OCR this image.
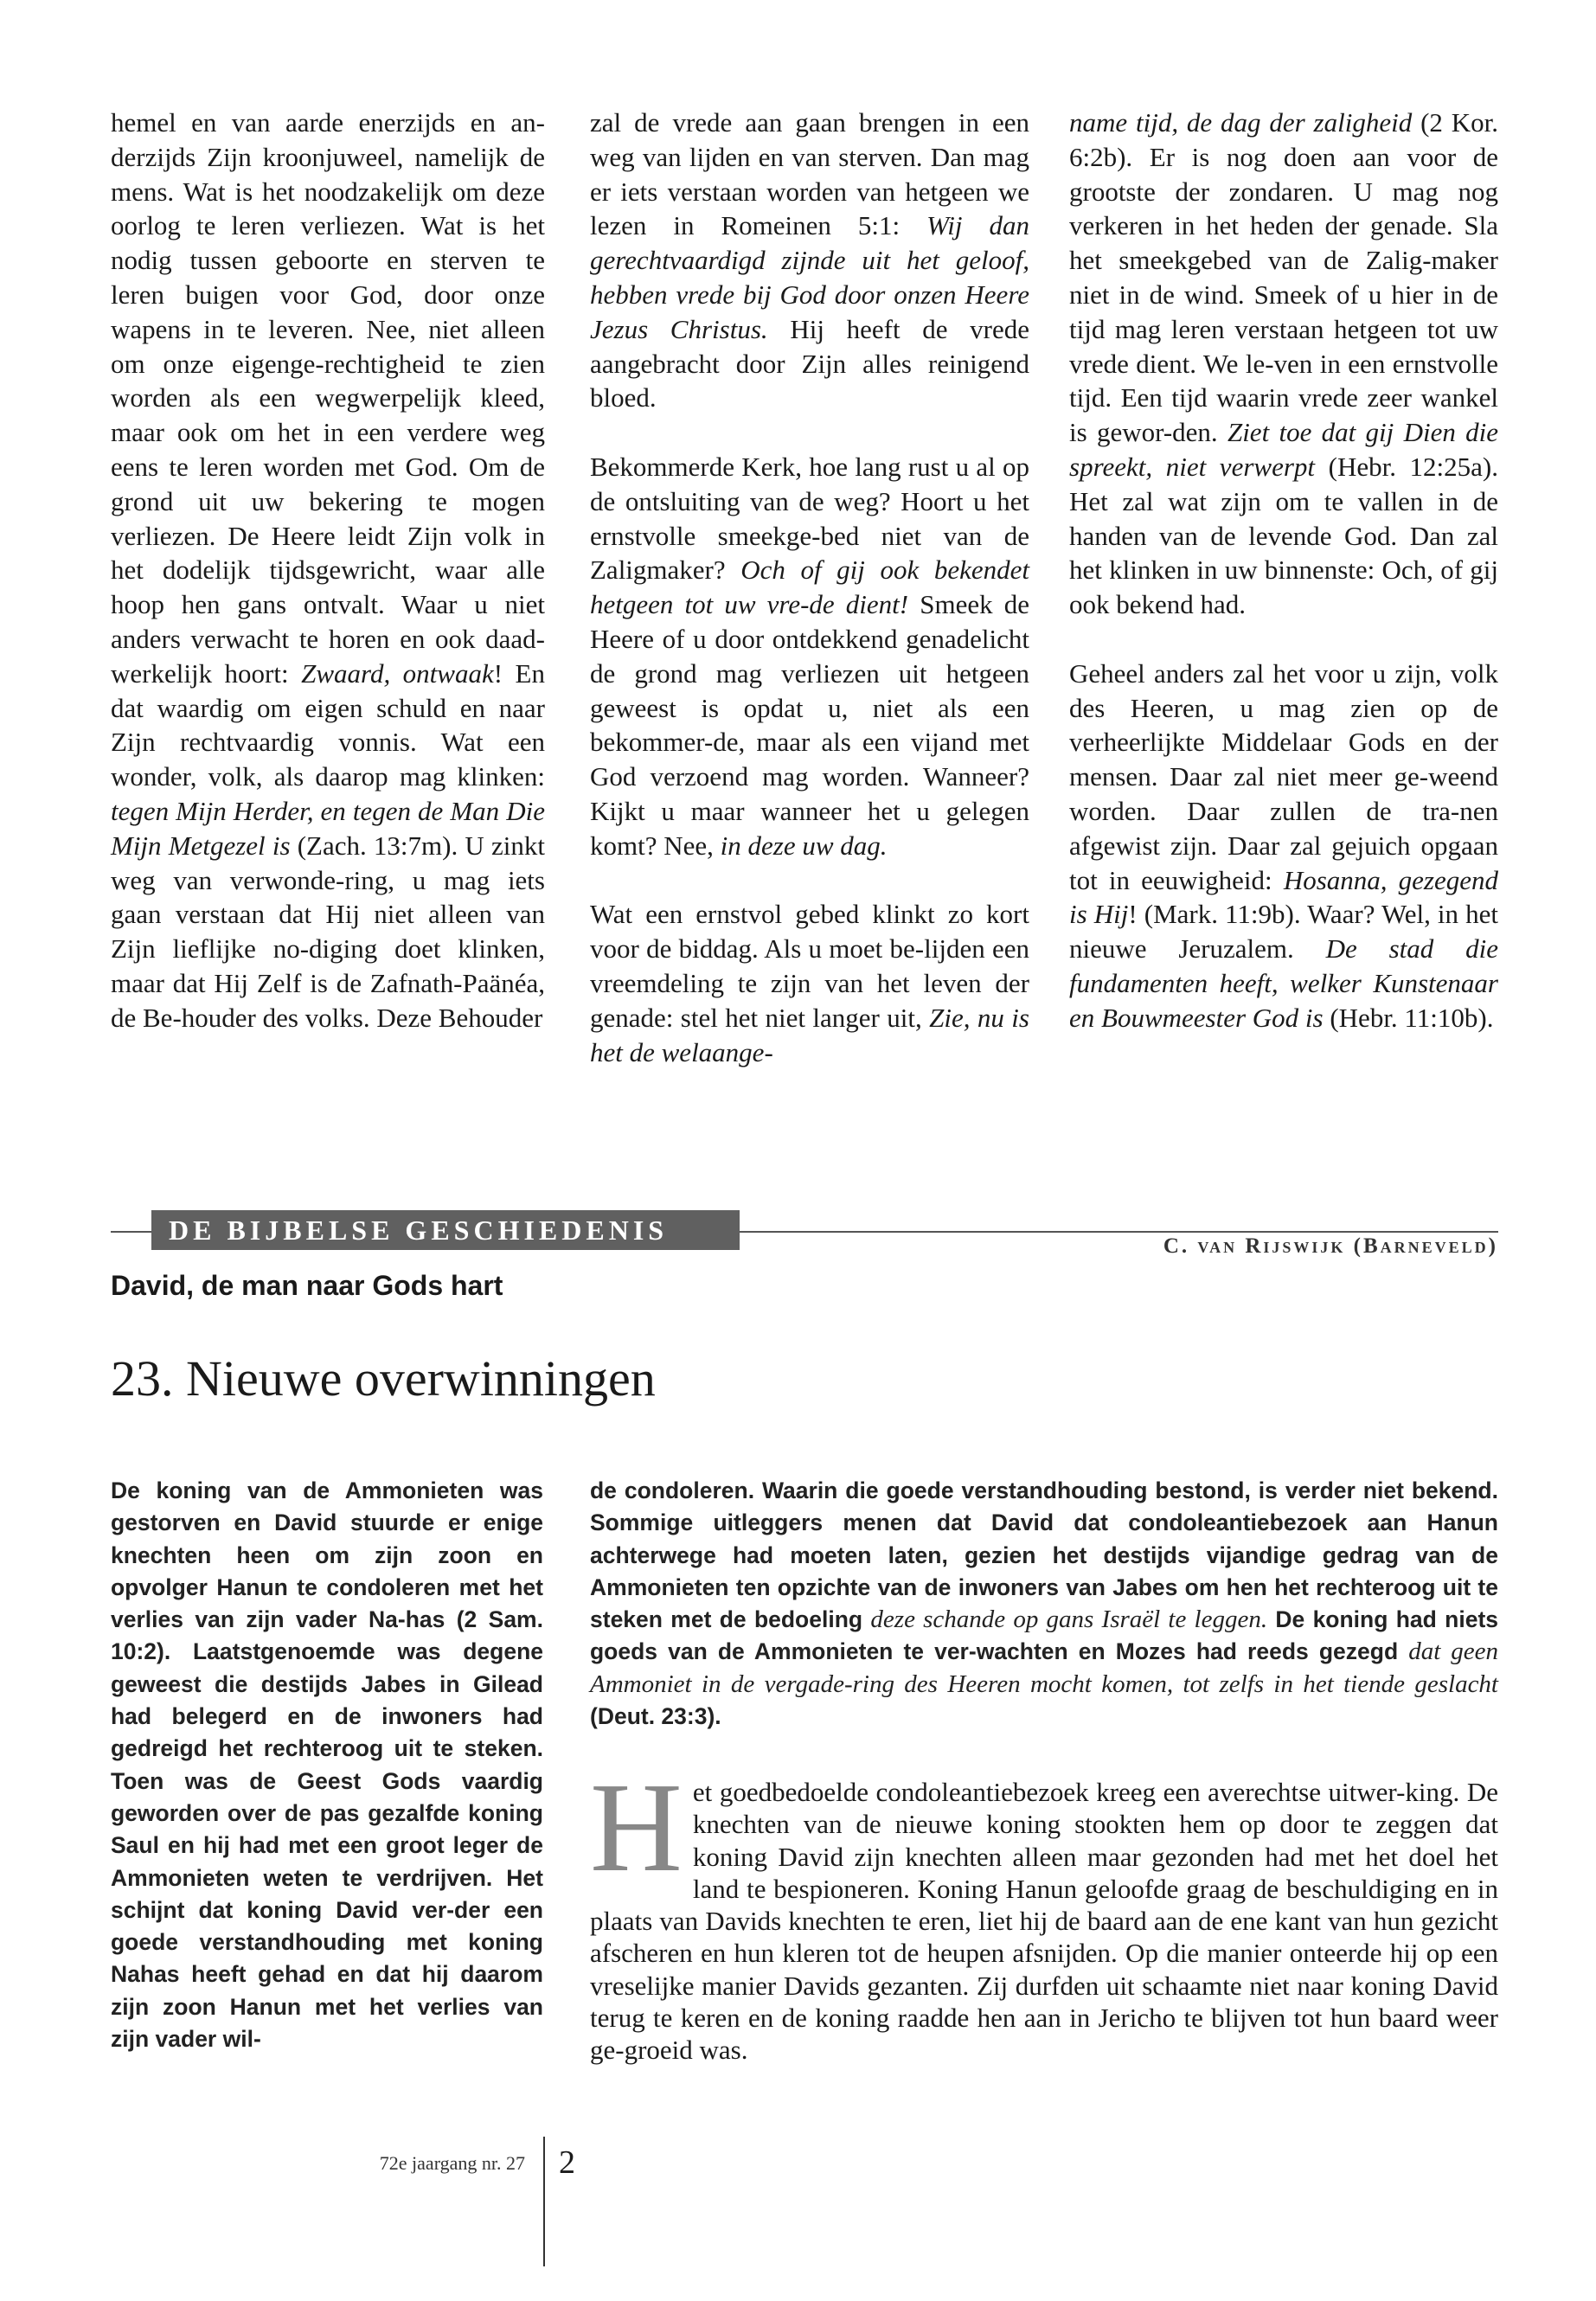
hemel en van aarde enerzijds en an-derzijds Zijn kroonjuweel, namelijk de mens. Wat is het noodzakelijk om deze oorlog te leren verliezen. Wat is het nodig tussen geboorte en sterven te leren buigen voor God, door onze wapens in te leveren. Nee, niet alleen om onze eigenge-rechtigheid te zien worden als een wegwerpelijk kleed, maar ook om het in een verdere weg eens te leren worden met God. Om de grond uit uw bekering te mogen verliezen. De Heere leidt Zijn volk in het dodelijk tijdsgewricht, waar alle hoop hen gans ontvalt. Waar u niet anders verwacht te horen en ook daad-werkelijk hoort: Zwaard, ontwaak! En dat waardig om eigen schuld en naar Zijn rechtvaardig vonnis. Wat een wonder, volk, als daarop mag klinken: tegen Mijn Herder, en tegen de Man Die Mijn Metgezel is (Zach. 13:7m). U zinkt weg van verwonde-ring, u mag iets gaan verstaan dat Hij niet alleen van Zijn lieflijke no-diging doet klinken, maar dat Hij Zelf is de Zafnath-Paänéa, de Be-houder des volks. Deze Behouder

zal de vrede aan gaan brengen in een weg van lijden en van sterven. Dan mag er iets verstaan worden van hetgeen we lezen in Romeinen 5:1: Wij dan gerechtvaardigd zijnde uit het geloof, hebben vrede bij God door onzen Heere Jezus Christus. Hij heeft de vrede aangebracht door Zijn alles reinigend bloed.

Bekommerde Kerk, hoe lang rust u al op de ontsluiting van de weg? Hoort u het ernstvolle smeekge-bed niet van de Zaligmaker? Och of gij ook bekendet hetgeen tot uw vre-de dient! Smeek de Heere of u door ontdekkend genadelicht de grond mag verliezen uit hetgeen geweest is opdat u, niet als een bekommer-de, maar als een vijand met God verzoend mag worden. Wanneer? Kijkt u maar wanneer het u gelegen komt? Nee, in deze uw dag.

Wat een ernstvol gebed klinkt zo kort voor de biddag. Als u moet be-lijden een vreemdeling te zijn van het leven der genade: stel het niet langer uit, Zie, nu is het de welaange-

name tijd, de dag der zaligheid (2 Kor. 6:2b). Er is nog doen aan voor de grootste der zondaren. U mag nog verkeren in het heden der genade. Sla het smeekgebed van de Zalig-maker niet in de wind. Smeek of u hier in de tijd mag leren verstaan hetgeen tot uw vrede dient. We le-ven in een ernstvolle tijd. Een tijd waarin vrede zeer wankel is gewor-den. Ziet toe dat gij Dien die spreekt, niet verwerpt (Hebr. 12:25a). Het zal wat zijn om te vallen in de handen van de levende God. Dan zal het klinken in uw binnenste: Och, of gij ook bekend had.

Geheel anders zal het voor u zijn, volk des Heeren, u mag zien op de verheerlijkte Middelaar Gods en der mensen. Daar zal niet meer ge-weend worden. Daar zullen de tra-nen afgewist zijn. Daar zal gejuich opgaan tot in eeuwigheid: Hosanna, gezegend is Hij! (Mark. 11:9b). Waar? Wel, in het nieuwe Jeruzalem. De stad die fundamenten heeft, welker Kunstenaar en Bouwmeester God is (Hebr. 11:10b).

DE BIJBELSE GESCHIEDENIS
C. van Rijswijk (Barneveld)
David, de man naar Gods hart
23. Nieuwe overwinningen
De koning van de Ammonieten was gestorven en David stuurde er enige knechten heen om zijn zoon en opvolger Hanun te condoleren met het verlies van zijn vader Na-has (2 Sam. 10:2). Laatstgenoemde was degene geweest die destijds Jabes in Gilead had belegerd en de inwoners had gedreigd het rechteroog uit te steken. Toen was de Geest Gods vaardig geworden over de pas gezalfde koning Saul en hij had met een groot leger de Ammonieten weten te verdrijven. Het schijnt dat koning David ver-der een goede verstandhouding met koning Nahas heeft gehad en dat hij daarom zijn zoon Hanun met het verlies van zijn vader wil-
de condoleren. Waarin die goede verstandhouding bestond, is verder niet bekend. Sommige uitleggers menen dat David dat condoleantiebezoek aan Hanun achterwege had moeten laten, gezien het destijds vijandige gedrag van de Ammonieten ten opzichte van de inwoners van Jabes om hen het rechteroog uit te steken met de bedoeling deze schande op gans Israël te leggen. De koning had niets goeds van de Ammonieten te ver-wachten en Mozes had reeds gezegd dat geen Ammoniet in de vergade-ring des Heeren mocht komen, tot zelfs in het tiende geslacht (Deut. 23:3).
Het goedbedoelde condoleantiebezoek kreeg een averechtse uitwer-king. De knechten van de nieuwe koning stookten hem op door te zeggen dat koning David zijn knechten alleen maar gezonden had met het doel het land te bespioneren. Koning Hanun geloofde graag de beschuldiging en in plaats van Davids knechten te eren, liet hij de baard aan de ene kant van hun gezicht afscheren en hun kleren tot de heupen afsnijden. Op die manier onteerde hij op een vreselijke manier Davids gezanten. Zij durfden uit schaamte niet naar koning David terug te keren en de koning raadde hen aan in Jericho te blijven tot hun baard weer ge-groeid was.
72e jaargang nr. 27 2
